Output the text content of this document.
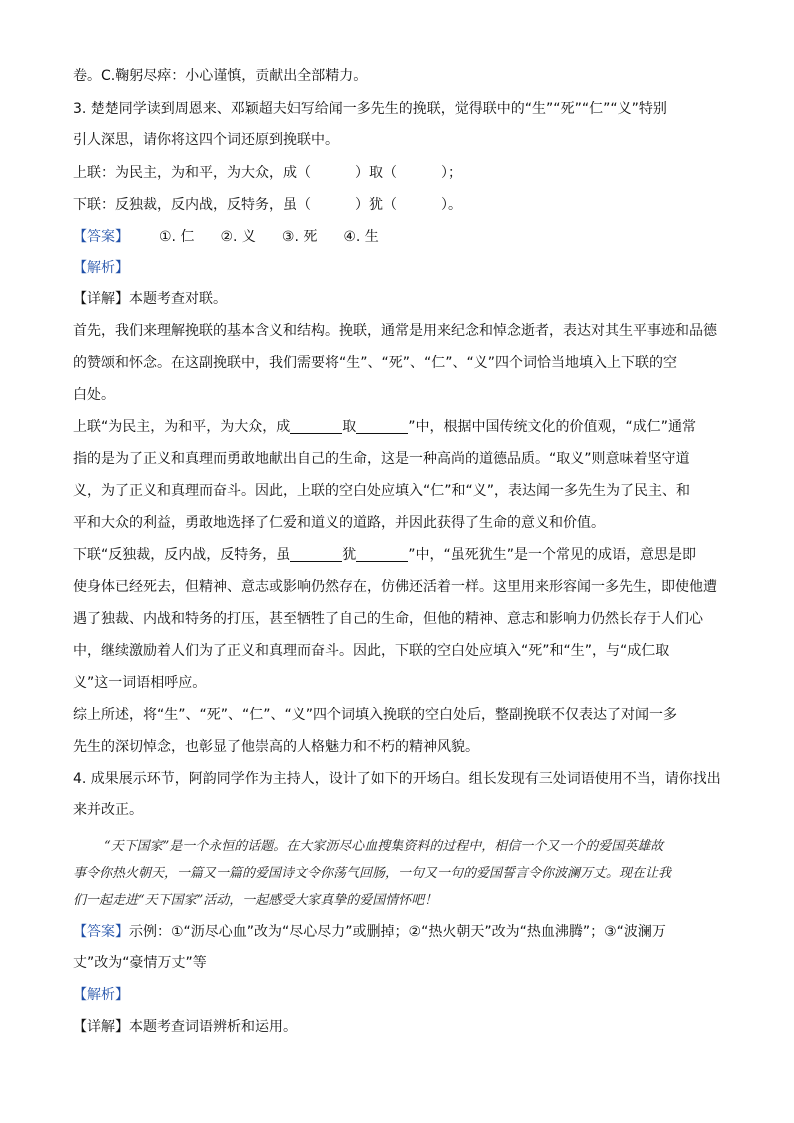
卷。C.鞠躬尽瘁：小心谨慎，贡献出全部精力。
3. 楚楚同学读到周恩来、邓颖超夫妇写给闻一多先生的挽联，觉得联中的“生”“死”“仁”“义”特别
引人深思，请你将这四个词还原到挽联中。
上联：为民主，为和平，为大众，成（	）取（	）；
下联：反独裁，反内战，反特务，虽（	）犹（	）。
【答案】 ①. 仁 ②. 义 ③. 死 ④. 生
【解析】
【详解】本题考查对联。
首先，我们来理解挽联的基本含义和结构。挽联，通常是用来纪念和悼念逝者，表达对其生平事迹和品德
的赞颂和怀念。在这副挽联中，我们需要将“生”、“死”、“仁”、“义”四个词恰当地填入上下联的空
白处。
上联“为民主，为和平，为大众，成	取	”中，根据中国传统文化的价值观，“成仁”通常
指的是为了正义和真理而勇敢地献出自己的生命，这是一种高尚的道德品质。“取义”则意味着坚守道
义，为了正义和真理而奋斗。因此，上联的空白处应填入“仁”和“义”，表达闻一多先生为了民主、和
平和大众的利益，勇敢地选择了仁爱和道义的道路，并因此获得了生命的意义和价值。
下联“反独裁，反内战，反特务，虽	犹	”中，“虽死犹生”是一个常见的成语，意思是即
使身体已经死去，但精神、意志或影响仍然存在，仿佛还活着一样。这里用来形容闻一多先生，即使他遭
遇了独裁、内战和特务的打压，甚至牺牲了自己的生命，但他的精神、意志和影响力仍然长存于人们心
中，继续激励着人们为了正义和真理而奋斗。因此，下联的空白处应填入“死”和“生”，与“成仁取
义”这一词语相呼应。
综上所述，将“生”、“死”、“仁”、“义”四个词填入挽联的空白处后，整副挽联不仅表达了对闻一多
先生的深切悼念，也彰显了他崇高的人格魅力和不朽的精神风貌。
4. 成果展示环节，阿韵同学作为主持人，设计了如下的开场白。组长发现有三处词语使用不当，请你找出
来并改正。
“天下国家”是一个永恒的话题。在大家沥尽心血搜集资料的过程中，相信一个又一个的爱国英雄故
事令你热火朝天，一篇又一篇的爱国诗文令你荡气回肠，一句又一句的爱国誓言令你波澜万丈。现在让我
们一起走进“天下国家”活动，一起感受大家真挚的爱国情怀吧！
【答案】示例：①“沥尽心血”改为“尽心尽力”或删掉；②“热火朝天”改为“热血沸腾”；③“波澜万
丈”改为“豪情万丈”等
【解析】
【详解】本题考查词语辨析和运用。
